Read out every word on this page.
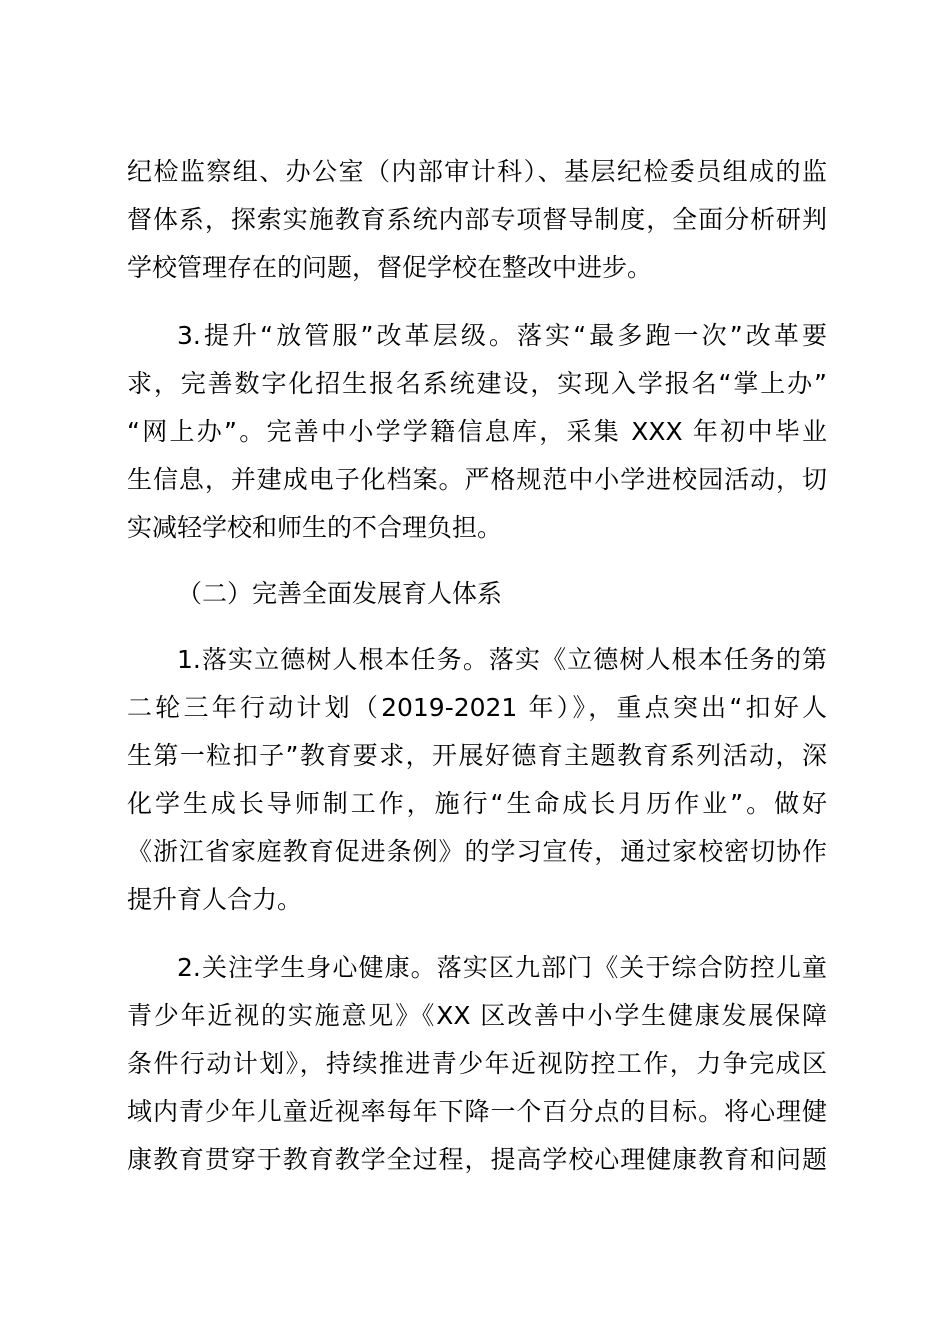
纪检监察组、办公室（内部审计科）、基层纪检委员组成的监
督体系，探索实施教育系统内部专项督导制度，全面分析研判
学校管理存在的问题，督促学校在整改中进步。
3.提升“放管服”改革层级。落实“最多跑一次”改革要
求，完善数字化招生报名系统建设，实现入学报名“掌上办”
“网上办”。完善中小学学籍信息库，采集 XXX 年初中毕业
生信息，并建成电子化档案。严格规范中小学进校园活动，切
实减轻学校和师生的不合理负担。
（二）完善全面发展育人体系
1.落实立德树人根本任务。落实《立德树人根本任务的第
二轮三年行动计划（2019-2021 年）》，重点突出“扣好人
生第一粒扣子”教育要求，开展好德育主题教育系列活动，深
化学生成长导师制工作，施行“生命成长月历作业”。做好
《浙江省家庭教育促进条例》的学习宣传，通过家校密切协作
提升育人合力。
2.关注学生身心健康。落实区九部门《关于综合防控儿童
青少年近视的实施意见》《XX 区改善中小学生健康发展保障
条件行动计划》，持续推进青少年近视防控工作，力争完成区
域内青少年儿童近视率每年下降一个百分点的目标。将心理健
康教育贯穿于教育教学全过程，提高学校心理健康教育和问题
